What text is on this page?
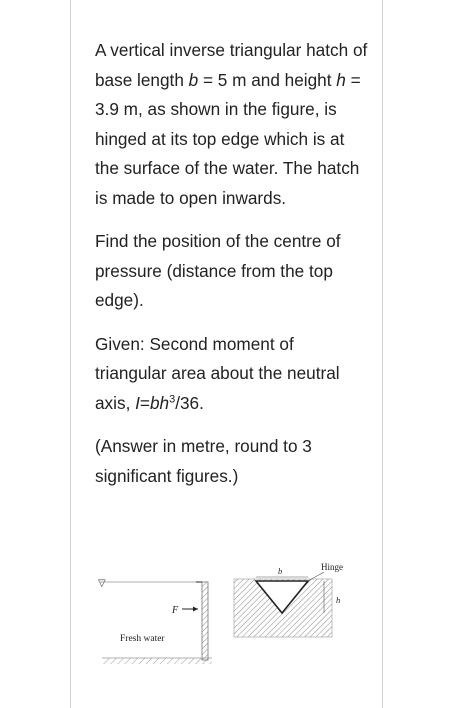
A vertical inverse triangular hatch of base length b = 5 m and height h = 3.9 m, as shown in the figure, is hinged at its top edge which is at the surface of the water. The hatch is made to open inwards.

Find the position of the centre of pressure (distance from the top edge).

Given: Second moment of triangular area about the neutral axis, $I=bh^3/36$.

(Answer in metre, round to 3 significant figures.)

▽
F
Fresh water
b
h
Hinge
